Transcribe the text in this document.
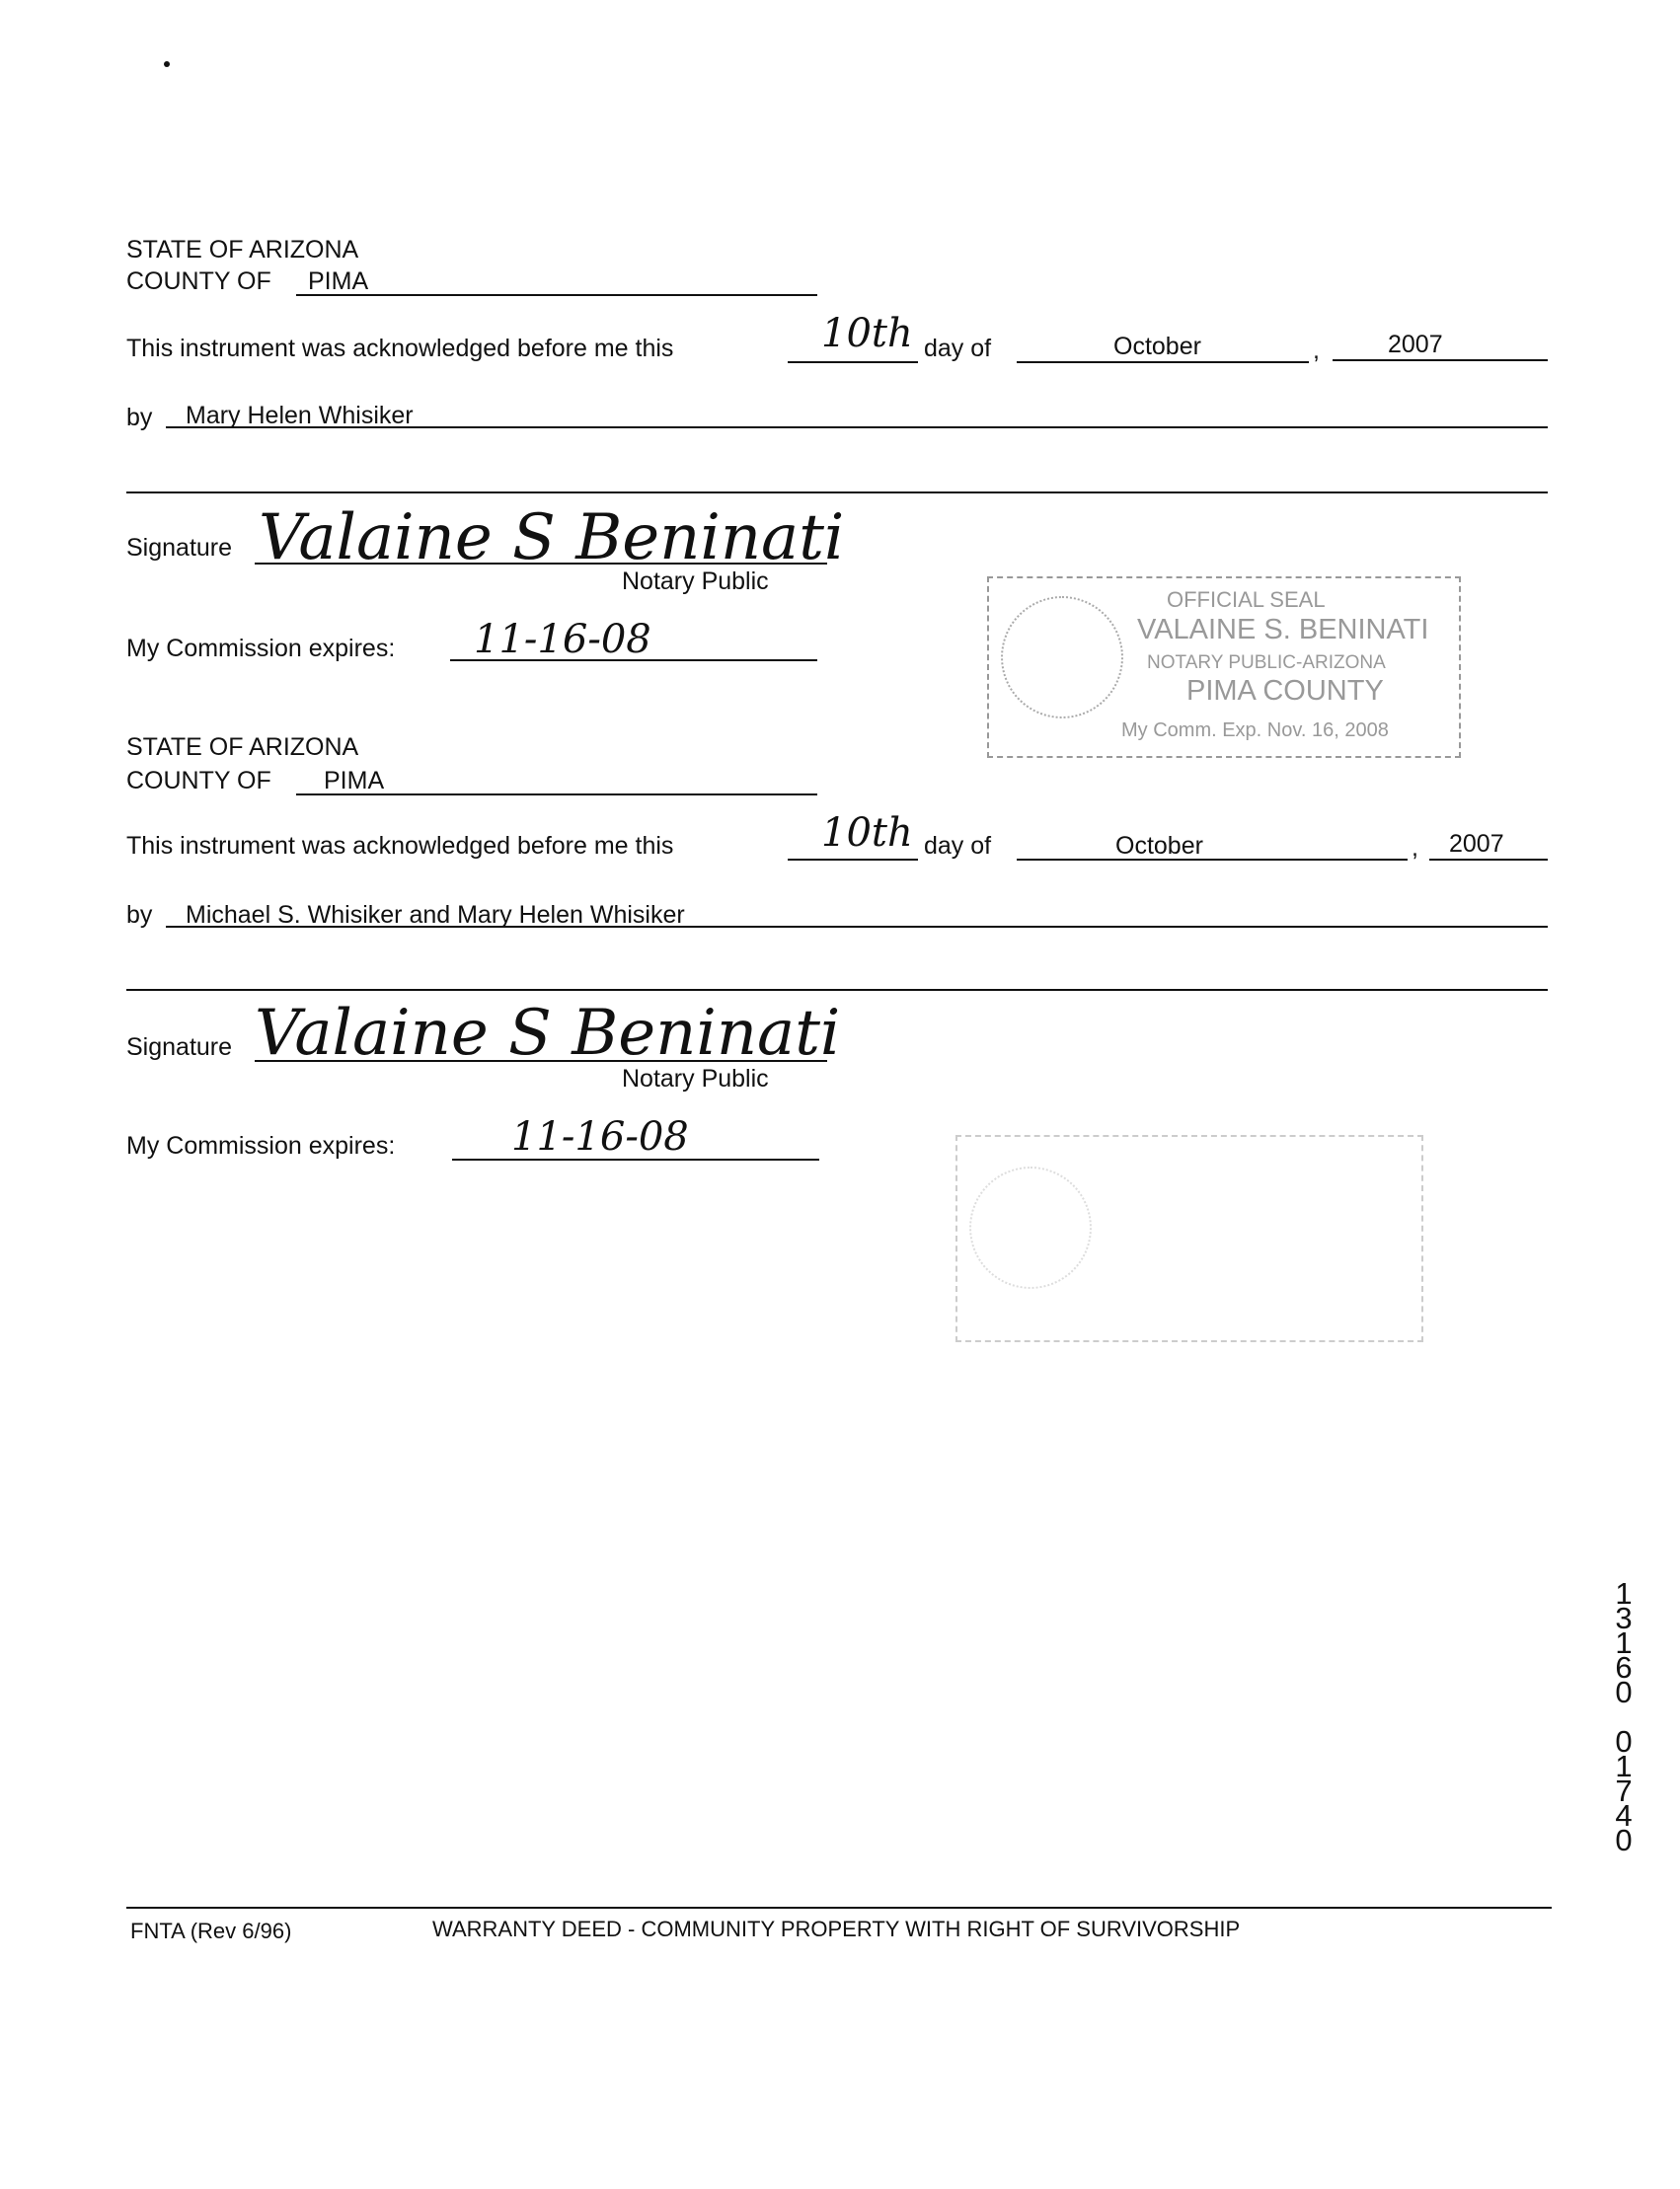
STATE OF ARIZONA
COUNTY OF PIMA
This instrument was acknowledged before me this	10th day of	October	,	2007
by Mary Helen Whisiker
Signature Valaine S Beninati
Notary Public
My Commission expires: 11-16-08
OFFICIAL SEAL
VALAINE S. BENINATI
NOTARY PUBLIC-ARIZONA
PIMA COUNTY
My Comm. Exp. Nov. 16, 2008
STATE OF ARIZONA
COUNTY OF PIMA
This instrument was acknowledged before me this	10th day of	October	, 2007
by Michael S. Whisiker and Mary Helen Whisiker
Signature Valaine S Beninati
Notary Public
My Commission expires:	11-16-08
1
3
1
6
0

0
1
7
4
0
FNTA (Rev 6/96)	WARRANTY DEED - COMMUNITY PROPERTY WITH RIGHT OF SURVIVORSHIP
